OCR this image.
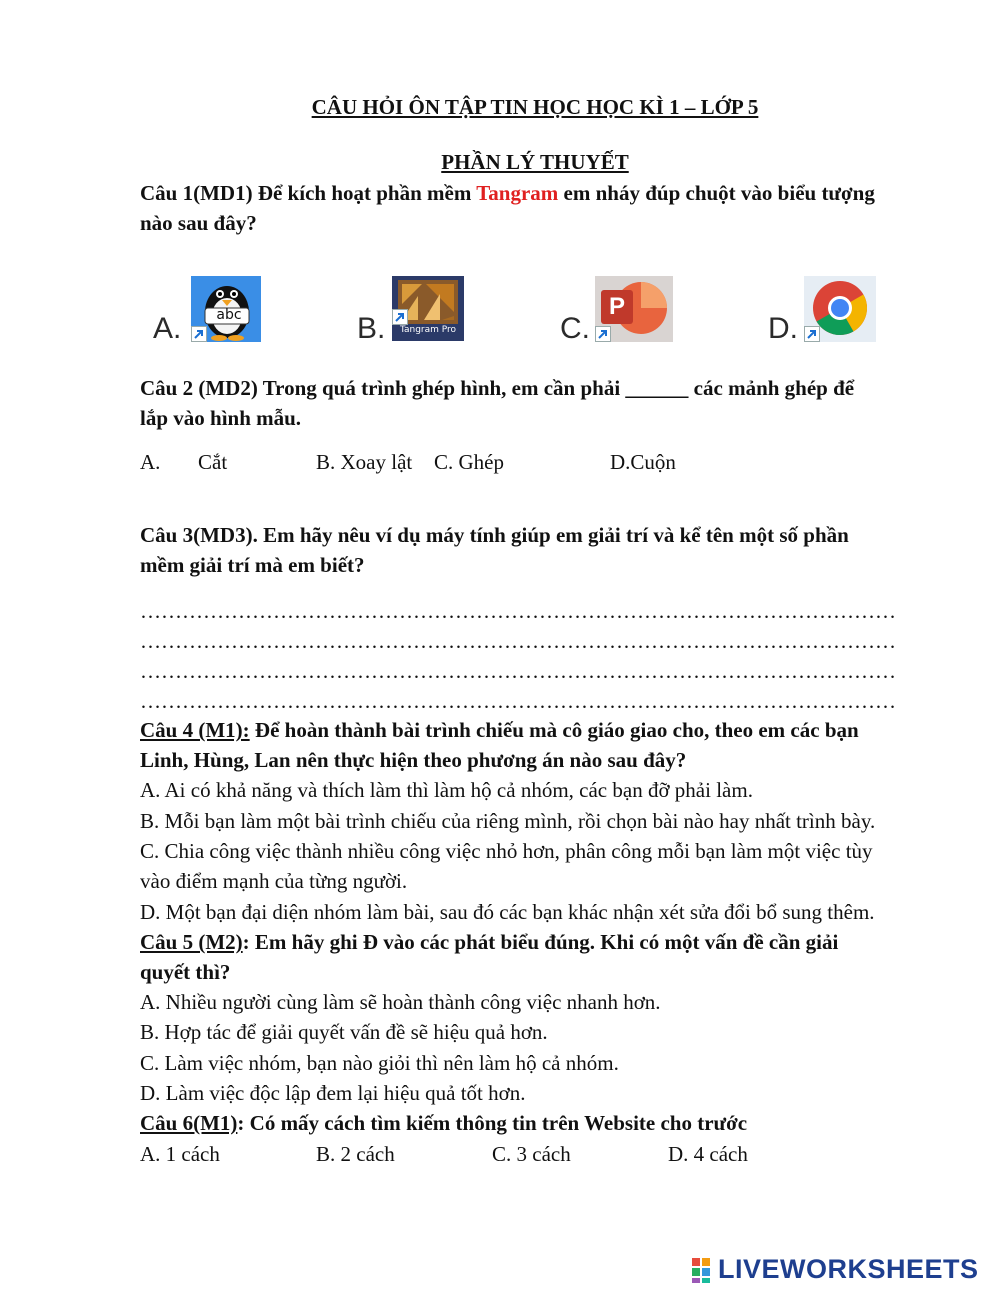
CÂU HỎI ÔN TẬP TIN HỌC HỌC KÌ 1 – LỚP 5
PHẦN LÝ THUYẾT
Câu 1(MD1) Để kích hoạt phần mềm Tangram em nháy đúp chuột vào biểu tượng
nào sau đây?
A.	abc	B.	Tangram Pro	C.
P
D.
Câu 2 (MD2) Trong quá trình ghép hình, em cần phải ______ các mảnh ghép để
lắp vào hình mẫu.
A. Cắt	B. Xoay lật C. Ghép	D.Cuộn
Câu 3(MD3). Em hãy nêu ví dụ máy tính giúp em giải trí và kể tên một số phần
mềm giải trí mà em biết?
………………………………………………………………………………………………
………………………………………………………………………………………………
………………………………………………………………………………………………
………………………………………………………………………………………………
Câu 4 (M1): Để hoàn thành bài trình chiếu mà cô giáo giao cho, theo em các bạn
Linh, Hùng, Lan nên thực hiện theo phương án nào sau đây?
A. Ai có khả năng và thích làm thì làm hộ cả nhóm, các bạn đỡ phải làm.
B. Mỗi bạn làm một bài trình chiếu của riêng mình, rồi chọn bài nào hay nhất trình bày.
C. Chia công việc thành nhiều công việc nhỏ hơn, phân công mỗi bạn làm một việc tùy
vào điểm mạnh của từng người.
D. Một bạn đại diện nhóm làm bài, sau đó các bạn khác nhận xét sửa đổi bổ sung thêm.
Câu 5 (M2): Em hãy ghi Đ vào các phát biểu đúng. Khi có một vấn đề cần giải
quyết thì?
A. Nhiều người cùng làm sẽ hoàn thành công việc nhanh hơn.
B. Hợp tác để giải quyết vấn đề sẽ hiệu quả hơn.
C. Làm việc nhóm, bạn nào giỏi thì nên làm hộ cả nhóm.
D. Làm việc độc lập đem lại hiệu quả tốt hơn.
Câu 6(M1): Có mấy cách tìm kiếm thông tin trên Website cho trước
A. 1 cách	B. 2 cách	C. 3 cách	D. 4 cách
LIVEWORKSHEETS
